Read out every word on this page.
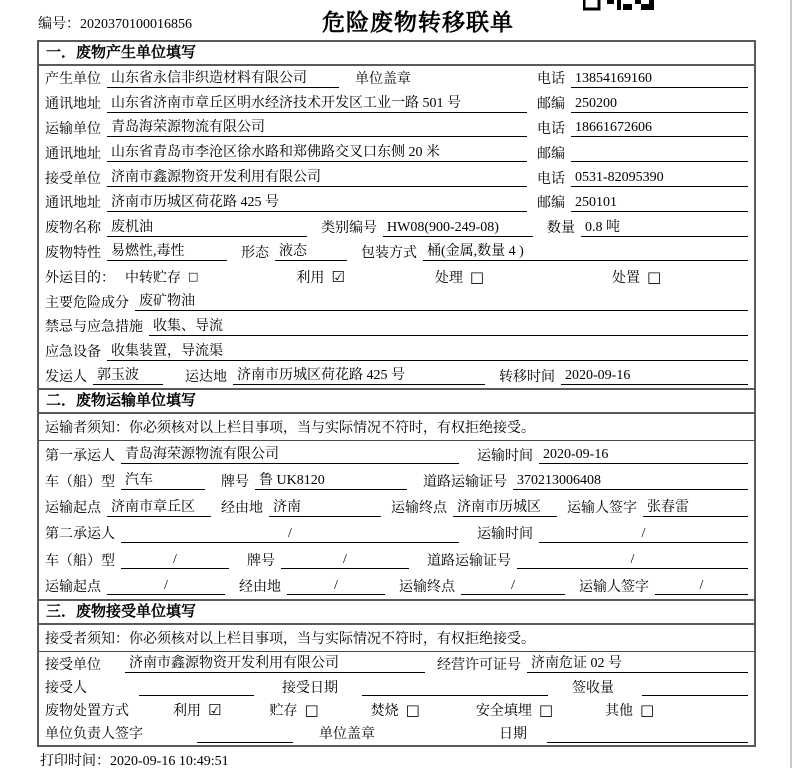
编号：2020370100016856	危险废物转移联单
一．废物产生单位填写
产生单位 山东省永信非织造材料有限公司	单位盖章	电话 13854169160
通讯地址 山东省济南市章丘区明水经济技术开发区工业一路 501 号	邮编 250200
运输单位 青岛海荣源物流有限公司	电话 18661672606
通讯地址 山东省青岛市李沧区徐水路和郑佛路交叉口东侧 20 米	邮编
接受单位 济南市鑫源物资开发利用有限公司	电话 0531-82095390
通讯地址 济南市历城区荷花路 425 号	邮编 250101
废物名称 废机油	类别编号 HW08(900-249-08)	数量 0.8 吨
废物特性 易燃性,毒性	形态 液态	包装方式 桶(金属,数量 4 )
外运目的： 中转贮存 □	利用 ☑	处理 □	处置 □
主要危险成分 废矿物油
禁忌与应急措施 收集、导流
应急设备 收集装置，导流渠
发运人 郭玉波	运达地 济南市历城区荷花路 425 号	转移时间 2020-09-16
二．废物运输单位填写
运输者须知：你必须核对以上栏目事项，当与实际情况不符时，有权拒绝接受。
第一承运人 青岛海荣源物流有限公司	运输时间 2020-09-16
车（船）型 汽车	牌号 鲁 UK8120	道路运输证号 370213006408
运输起点 济南市章丘区	经由地 济南	运输终点 济南市历城区	运输人签字 张春雷
第二承运人	/	运输时间	/
车（船）型	/	牌号	/	道路运输证号	/
运输起点	/	经由地	/	运输终点	/	运输人签字	/
三．废物接受单位填写
接受者须知：你必须核对以上栏目事项，当与实际情况不符时，有权拒绝接受。
接受单位 济南市鑫源物资开发利用有限公司	经营许可证号 济南危证 02 号
接受人	接受日期	签收量
废物处置方式	利用 ☑	贮存 □	焚烧 □	安全填埋 □	其他 □
单位负责人签字	单位盖章	日期
打印时间：2020-09-16 10:49:51
